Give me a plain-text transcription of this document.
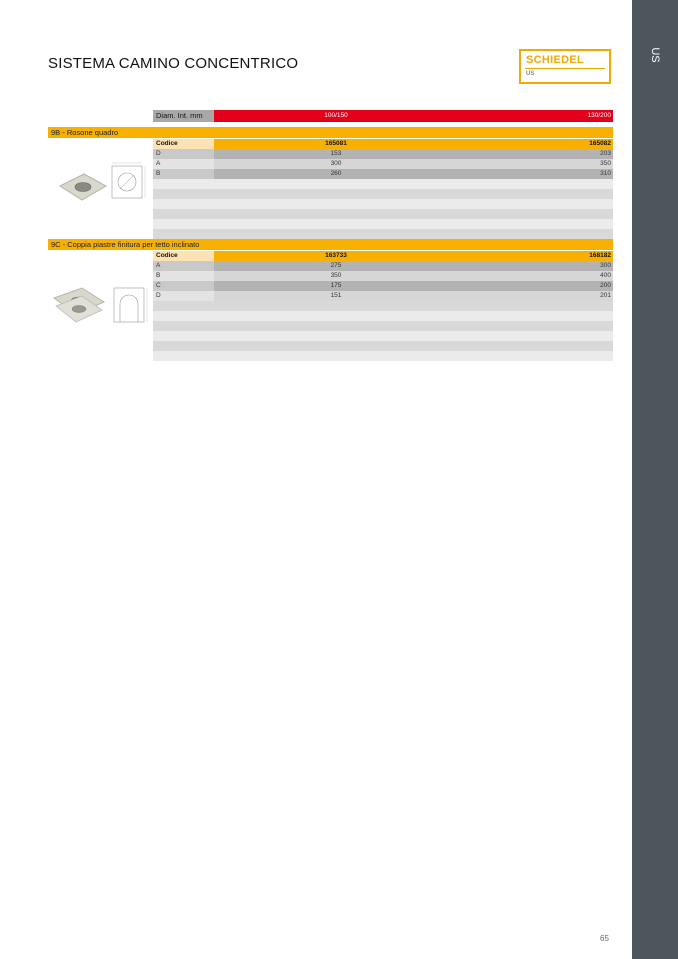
US
SISTEMA CAMINO CONCENTRICO	SCHIEDEL
US
Diam. Int. mm	100/150	130/200
9B - Rosone quadro
Codice	165081	165082
D	153	203
A	300	350
B	260	310
9C - Coppia piastre finitura per tetto inclinato
Codice	163733	168182
A	275	300
B	350	400
C	175	200
D	151	201
65
